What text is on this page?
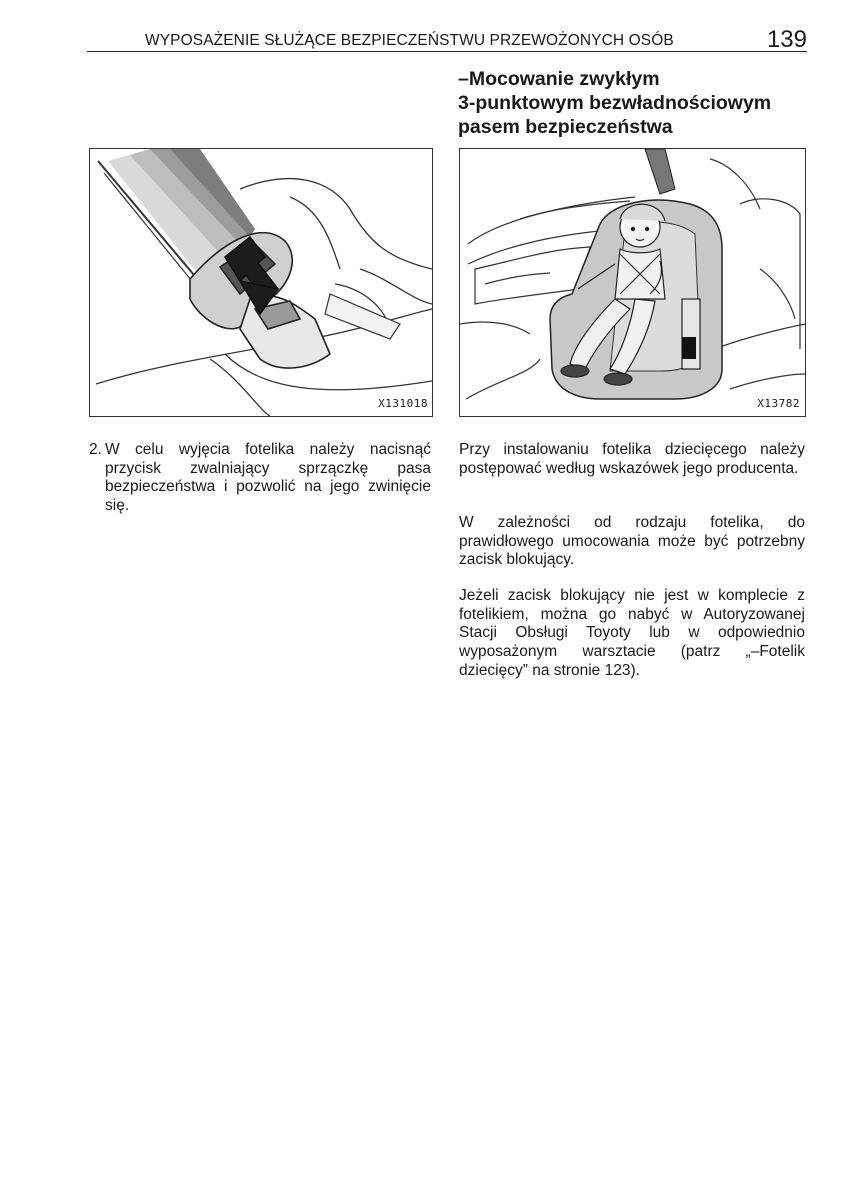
WYPOSAŻENIE SŁUŻĄCE BEZPIECZEŃSTWU PRZEWOŻONYCH OSÓB	139
–Mocowanie zwykłym
3-punktowym bezwładnościowym
pasem bezpieczeństwa
X131018	X13782
2. W celu wyjęcia fotelika należy nacisnąć przycisk zwalniający sprzączkę pasa bezpieczeństwa i pozwolić na jego zwinięcie się.
Przy instalowaniu fotelika dziecięcego należy postępować według wskazówek jego producenta.
W zależności od rodzaju fotelika, do prawidłowego umocowania może być potrzebny zacisk blokujący.
Jeżeli zacisk blokujący nie jest w komplecie z fotelikiem, można go nabyć w Autoryzowanej Stacji Obsługi Toyoty lub w odpowiednio wyposażonym warsztacie (patrz „–Fotelik dziecięcy” na stronie 123).
